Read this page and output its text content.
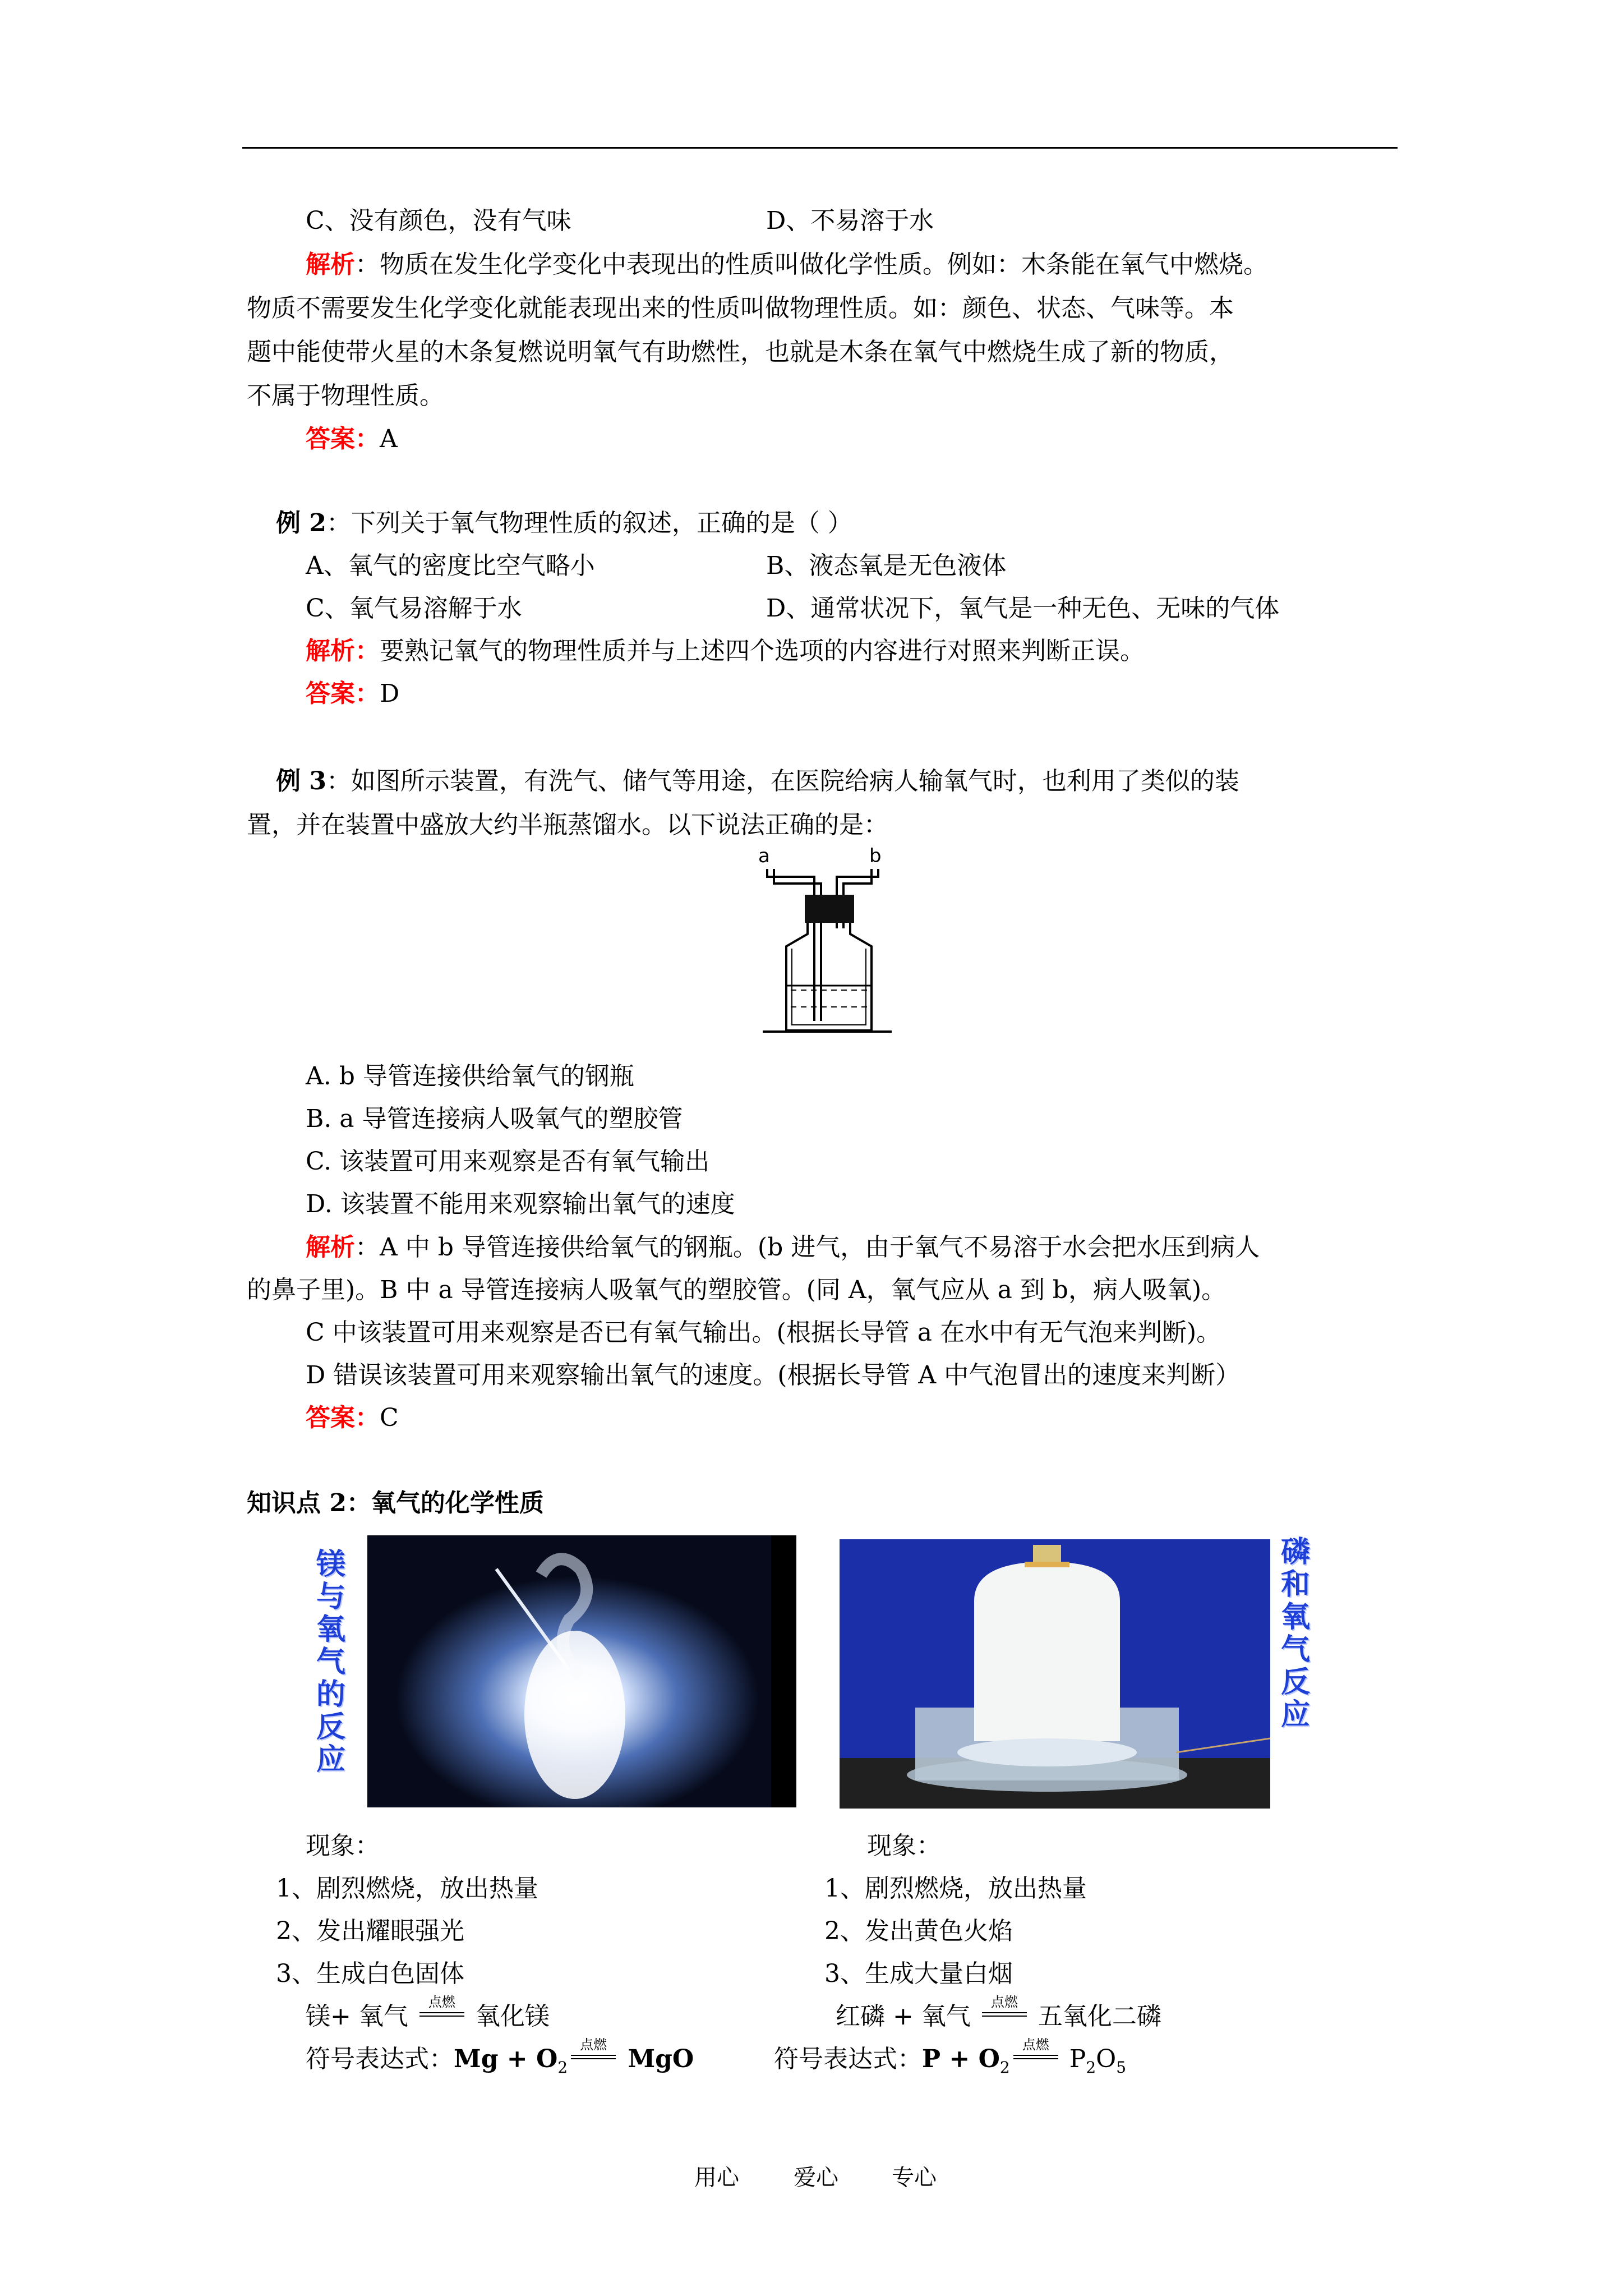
C、没有颜色，没有气味	D、不易溶于水
解析：物质在发生化学变化中表现出的性质叫做化学性质。例如：木条能在氧气中燃烧。
物质不需要发生化学变化就能表现出来的性质叫做物理性质。如：颜色、状态、气味等。本
题中能使带火星的木条复燃说明氧气有助燃性，也就是木条在氧气中燃烧生成了新的物质，
不属于物理性质。
答案：A
例 2：下列关于氧气物理性质的叙述，正确的是（ ）
A、氧气的密度比空气略小	B、液态氧是无色液体
C、氧气易溶解于水	D、通常状况下，氧气是一种无色、无味的气体
解析：要熟记氧气的物理性质并与上述四个选项的内容进行对照来判断正误。
答案：D
例 3：如图所示装置，有洗气、储气等用途，在医院给病人输氧气时，也利用了类似的装
置，并在装置中盛放大约半瓶蒸馏水。以下说法正确的是：
a	b
A. b 导管连接供给氧气的钢瓶
B. a 导管连接病人吸氧气的塑胶管
C. 该装置可用来观察是否有氧气输出
D. 该装置不能用来观察输出氧气的速度
解析：A 中 b 导管连接供给氧气的钢瓶。(b 进气，由于氧气不易溶于水会把水压到病人
的鼻子里)。B 中 a 导管连接病人吸氧气的塑胶管。(同 A，氧气应从 a 到 b，病人吸氧)。
C 中该装置可用来观察是否已有氧气输出。(根据长导管 a 在水中有无气泡来判断)。
D 错误该装置可用来观察输出氧气的速度。(根据长导管 A 中气泡冒出的速度来判断）
答案：C
知识点 2：氧气的化学性质
镁与氧气的反应
磷和氧气反应
现象：
1、剧烈燃烧，放出热量
2、发出耀眼强光
3、生成白色固体
镁+ 氧气 点燃 氧化镁
符号表达式：$Mg + O_2$
点燃 MgO
现象：
1、剧烈燃烧，放出热量
2、发出黄色火焰
3、生成大量白烟
红磷 + 氧气 点燃 五氧化二磷
符号表达式：$P + O_2$
点燃 $P_2O_5$
用心 爱心 专心
